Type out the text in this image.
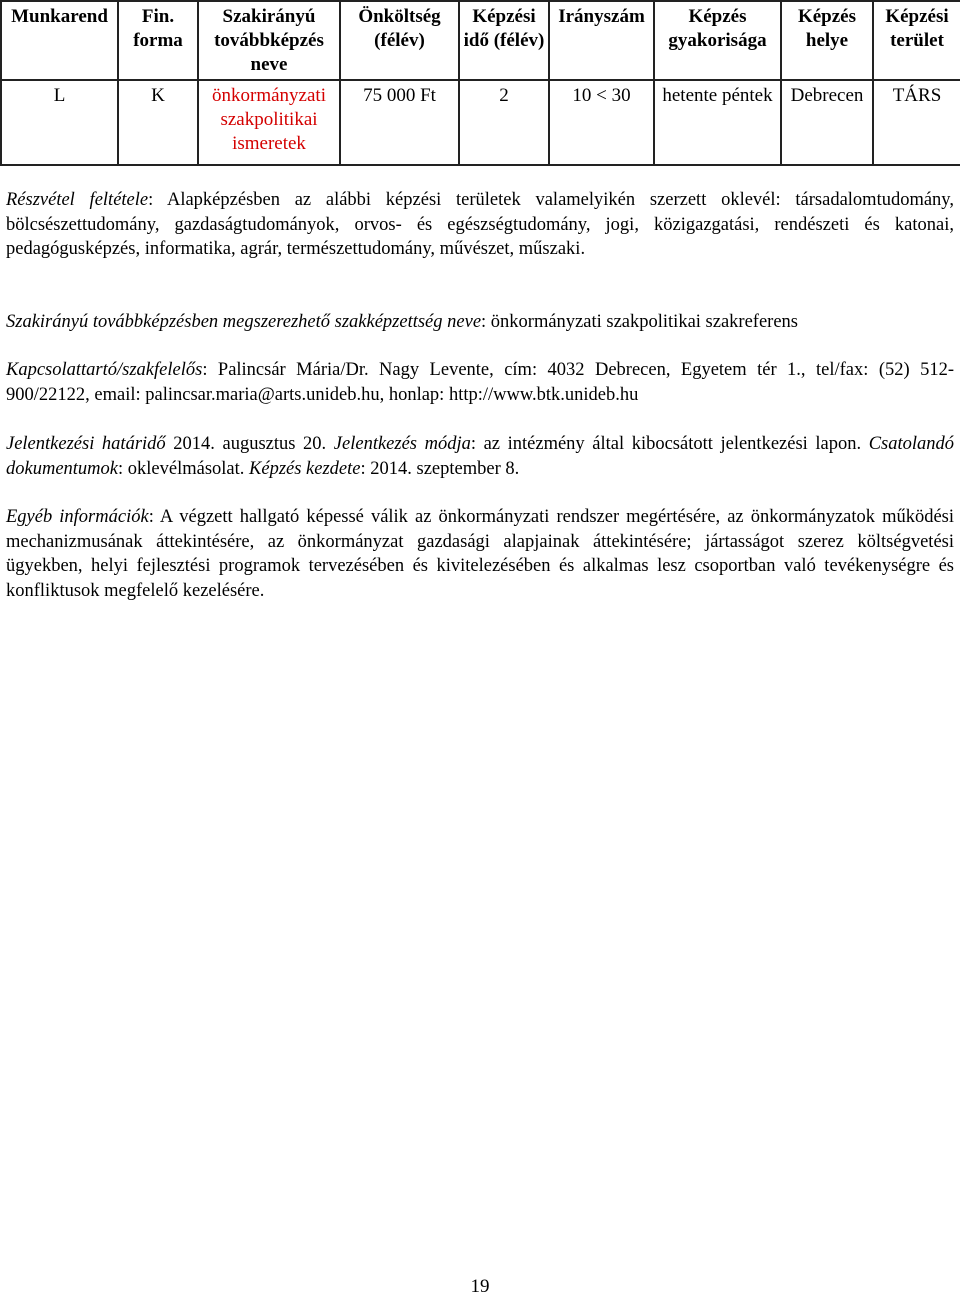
Munkarend	Fin. forma	Szakirányú továbbképzés neve	Önköltség (félév)	Képzési idő (félév)	Irányszám	Képzés gyakorisága	Képzés helye	Képzési terület
L	K	önkormányzati szakpolitikai ismeretek	75 000 Ft	2	10 < 30	hetente péntek	Debrecen	TÁRS

Részvétel feltétele: Alapképzésben az alábbi képzési területek valamelyikén szerzett oklevél: társadalomtudomány, bölcsészettudomány, gazdaságtudományok, orvos- és egészségtudomány, jogi, közigazgatási, rendészeti és katonai, pedagógusképzés, informatika, agrár, természettudomány, művészet, műszaki.

Szakirányú továbbképzésben megszerezhető szakképzettség neve: önkormányzati szakpolitikai szakreferens

Kapcsolattartó/szakfelelős: Palincsár Mária/Dr. Nagy Levente, cím: 4032 Debrecen, Egyetem tér 1., tel/fax: (52) 512-900/22122, email: palincsar.maria@arts.unideb.hu, honlap: http://www.btk.unideb.hu

Jelentkezési határidő 2014. augusztus 20. Jelentkezés módja: az intézmény által kibocsátott jelentkezési lapon. Csatolandó dokumentumok: oklevélmásolat. Képzés kezdete: 2014. szeptember 8.

Egyéb információk: A végzett hallgató képessé válik az önkormányzati rendszer megértésére, az önkormányzatok működési mechanizmusának áttekintésére, az önkormányzat gazdasági alapjainak áttekintésére; jártasságot szerez költségvetési ügyekben, helyi fejlesztési programok tervezésében és kivitelezésében és alkalmas lesz csoportban való tevékenységre és konfliktusok megfelelő kezelésére.

19
